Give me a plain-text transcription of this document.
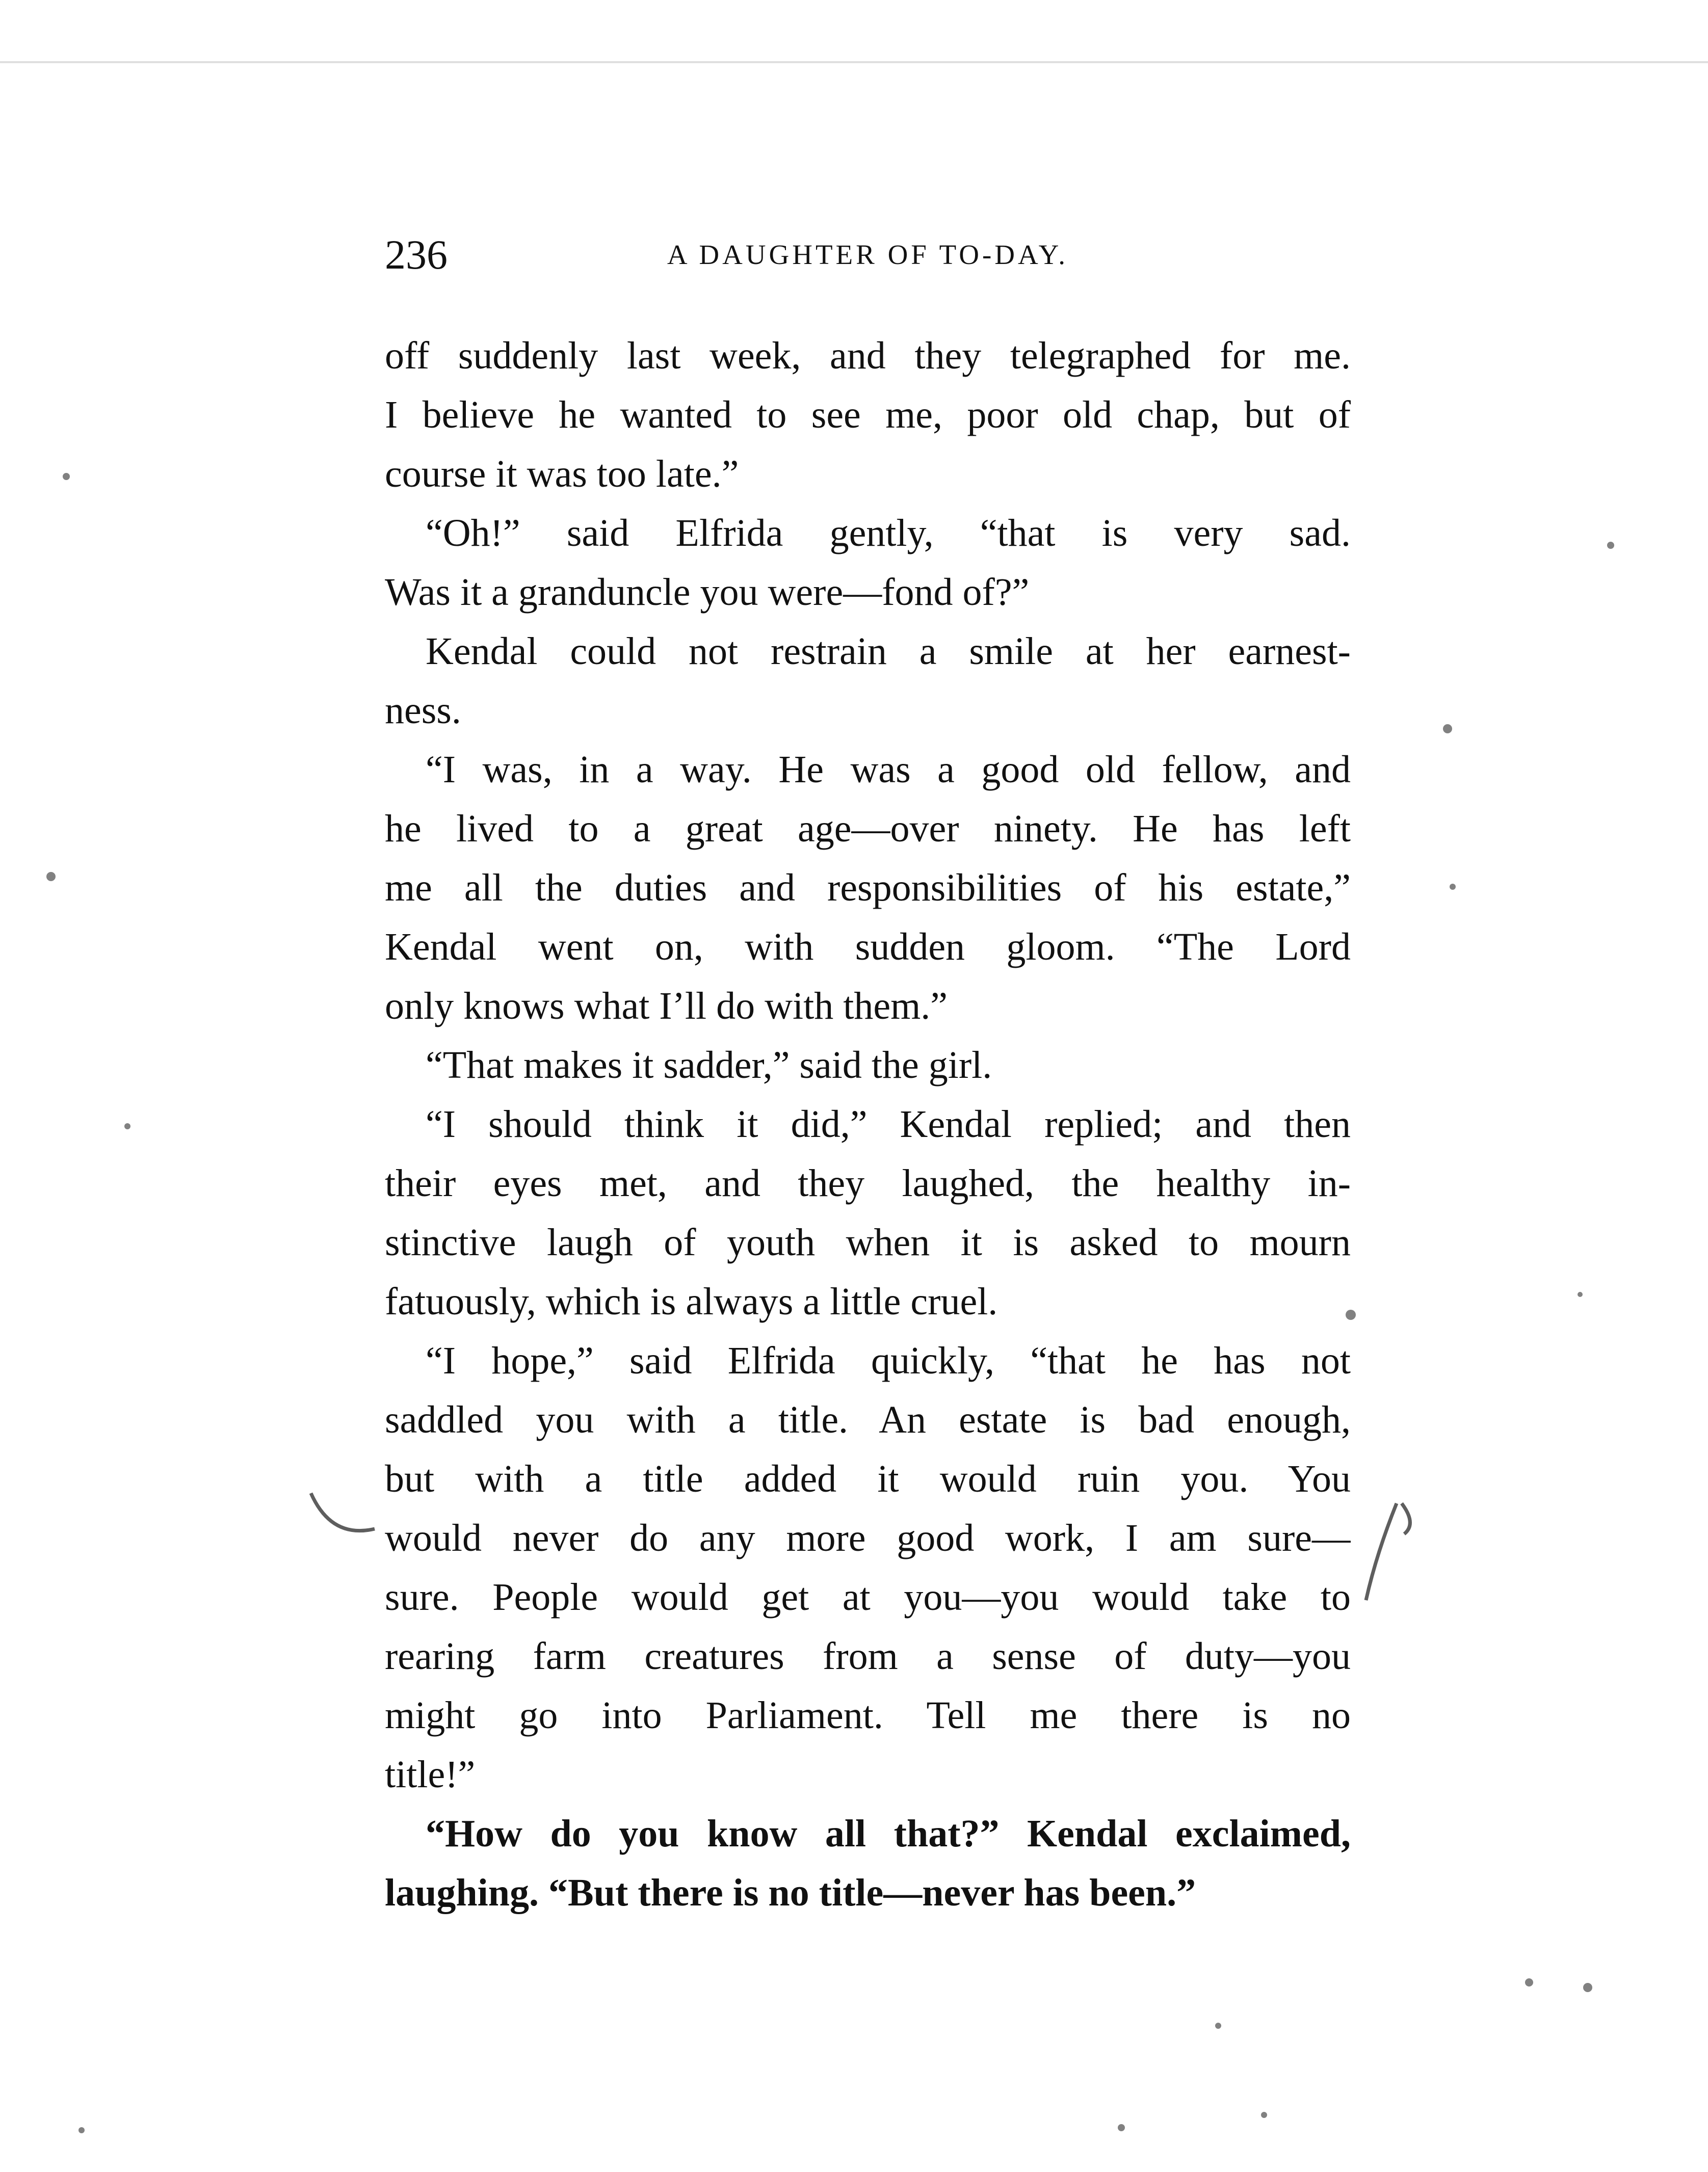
236	A DAUGHTER OF TO-DAY.
off suddenly last week, and they telegraphed for me.
I believe he wanted to see me, poor old chap, but of
course it was too late.”
“Oh!” said Elfrida gently, “that is very sad.
Was it a granduncle you were—fond of?”
Kendal could not restrain a smile at her earnest-
ness.
“I was, in a way. He was a good old fellow, and
he lived to a great age—over ninety. He has left
me all the duties and responsibilities of his estate,”
Kendal went on, with sudden gloom. “The Lord
only knows what I’ll do with them.”
“That makes it sadder,” said the girl.
“I should think it did,” Kendal replied; and then
their eyes met, and they laughed, the healthy in-
stinctive laugh of youth when it is asked to mourn
fatuously, which is always a little cruel.
“I hope,” said Elfrida quickly, “that he has not
saddled you with a title. An estate is bad enough,
but with a title added it would ruin you. You
would never do any more good work, I am sure—
sure. People would get at you—you would take to
rearing farm creatures from a sense of duty—you
might go into Parliament. Tell me there is no
title!”
“How do you know all that?” Kendal exclaimed,
laughing. “But there is no title—never has been.”
